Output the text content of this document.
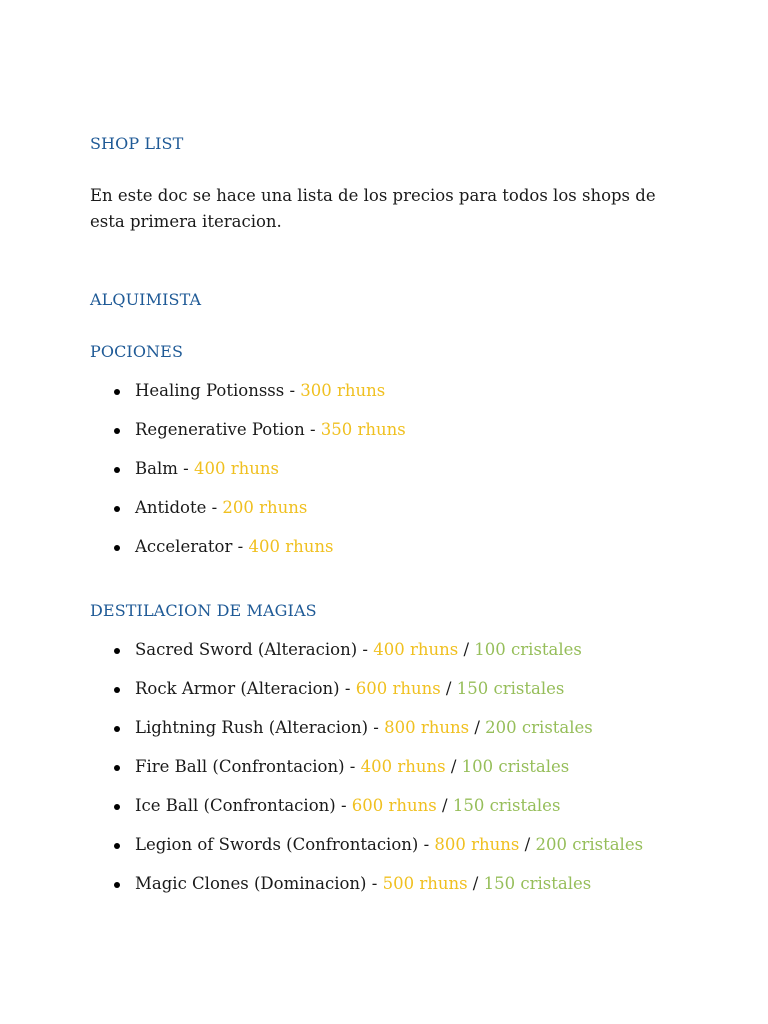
SHOP LIST

En este doc se hace una lista de los precios para todos los shops de esta primera iteracion.

ALQUIMISTA
POCIONES
Healing Potionsss - 300 rhuns
Regenerative Potion - 350 rhuns
Balm - 400 rhuns
Antidote - 200 rhuns
Accelerator - 400 rhuns
DESTILACION DE MAGIAS
Sacred Sword (Alteracion) - 400 rhuns / 100 cristales
Rock Armor (Alteracion) - 600 rhuns / 150 cristales
Lightning Rush (Alteracion) - 800 rhuns / 200 cristales
Fire Ball (Confrontacion) - 400 rhuns / 100 cristales
Ice Ball (Confrontacion) - 600 rhuns / 150 cristales
Legion of Swords (Confrontacion) - 800 rhuns / 200 cristales
Magic Clones (Dominacion) - 500 rhuns / 150 cristales
